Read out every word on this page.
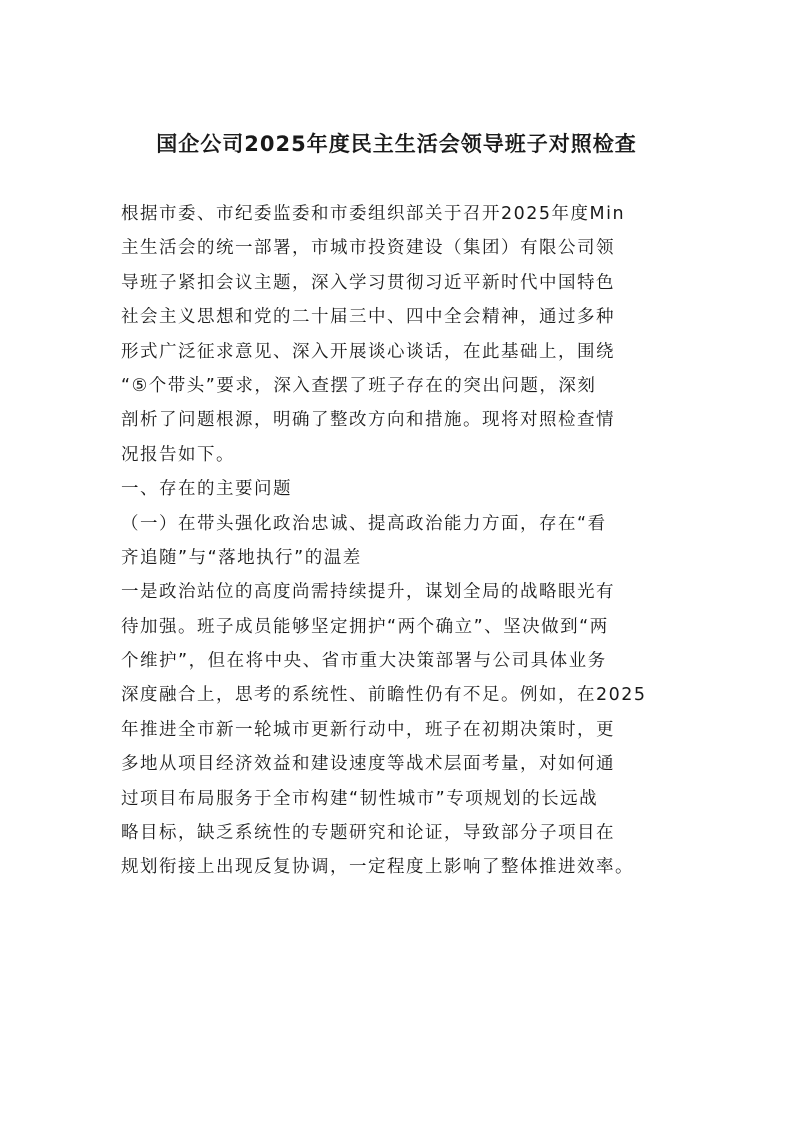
国企公司2025年度民主生活会领导班子对照检查
根据市委、市纪委监委和市委组织部关于召开2025年度Min
主生活会的统一部署，市城市投资建设（集团）有限公司领
导班子紧扣会议主题，深入学习贯彻习近平新时代中国特色
社会主义思想和党的二十届三中、四中全会精神，通过多种
形式广泛征求意见、深入开展谈心谈话，在此基础上，围绕
“⑤个带头”要求，深入查摆了班子存在的突出问题，深刻
剖析了问题根源，明确了整改方向和措施。现将对照检查情
况报告如下。
一、存在的主要问题
（一）在带头强化政治忠诚、提高政治能力方面，存在“看
齐追随”与“落地执行”的温差
一是政治站位的高度尚需持续提升，谋划全局的战略眼光有
待加强。班子成员能够坚定拥护“两个确立”、坚决做到“两
个维护”，但在将中央、省市重大决策部署与公司具体业务
深度融合上，思考的系统性、前瞻性仍有不足。例如，在2025
年推进全市新一轮城市更新行动中，班子在初期决策时，更
多地从项目经济效益和建设速度等战术层面考量，对如何通
过项目布局服务于全市构建“韧性城市”专项规划的长远战
略目标，缺乏系统性的专题研究和论证，导致部分子项目在
规划衔接上出现反复协调，一定程度上影响了整体推进效率。
